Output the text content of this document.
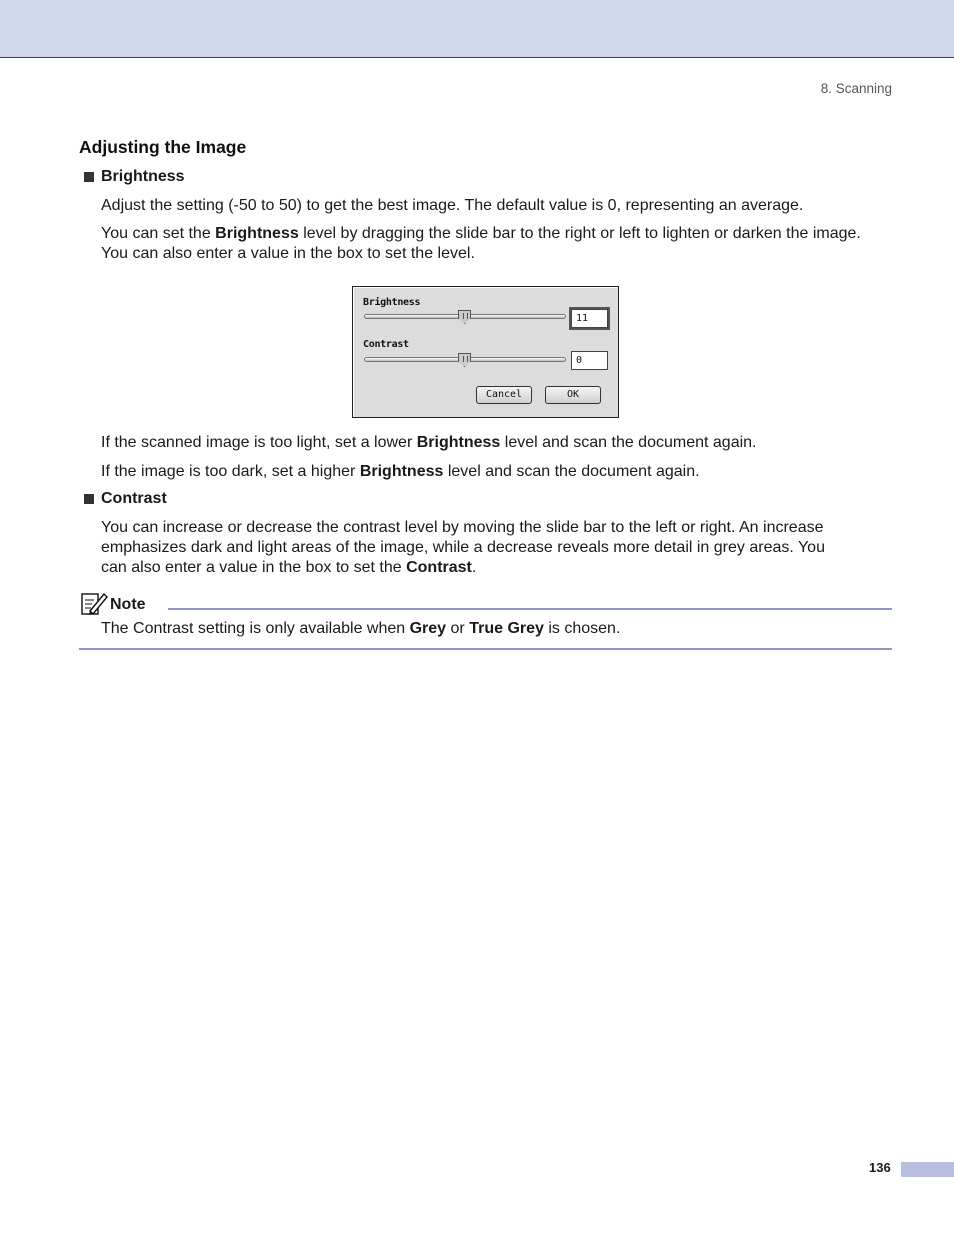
8. Scanning
Adjusting the Image
Brightness
Adjust the setting (-50 to 50) to get the best image. The default value is 0, representing an average.
You can set the Brightness level by dragging the slide bar to the right or left to lighten or darken the image.
You can also enter a value in the box to set the level.
Brightness
11
Contrast
0
Cancel	OK
If the scanned image is too light, set a lower Brightness level and scan the document again.
If the image is too dark, set a higher Brightness level and scan the document again.
Contrast
You can increase or decrease the contrast level by moving the slide bar to the left or right. An increase
emphasizes dark and light areas of the image, while a decrease reveals more detail in grey areas. You
can also enter a value in the box to set the Contrast.
Note
The Contrast setting is only available when Grey or True Grey is chosen.
136
